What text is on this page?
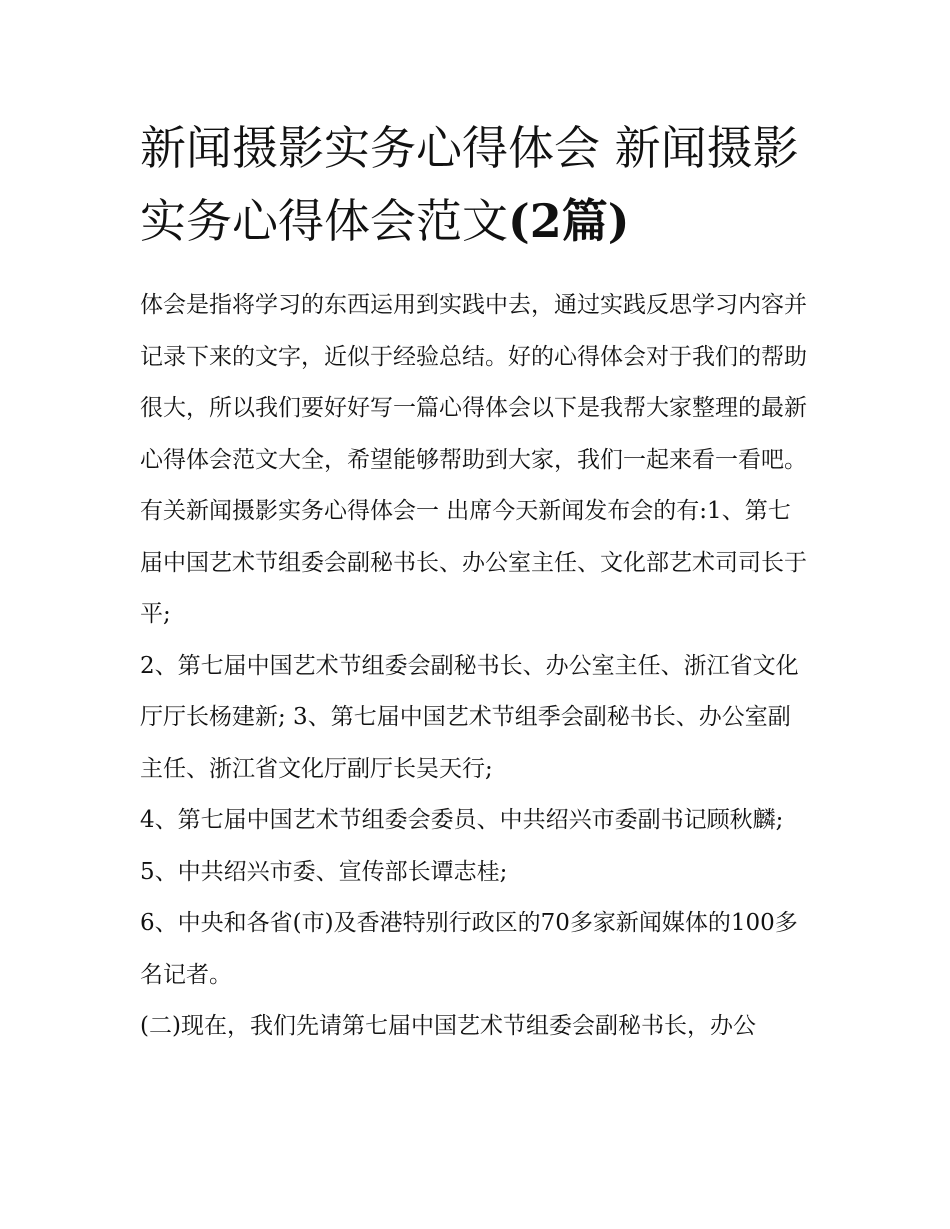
新闻摄影实务心得体会 新闻摄影实务心得体会范文(2篇)

体会是指将学习的东西运用到实践中去，通过实践反思学习内容并记录下来的文字，近似于经验总结。好的心得体会对于我们的帮助很大，所以我们要好好写一篇心得体会以下是我帮大家整理的最新心得体会范文大全，希望能够帮助到大家，我们一起来看一看吧。

有关新闻摄影实务心得体会一 出席今天新闻发布会的有:1、第七届中国艺术节组委会副秘书长、办公室主任、文化部艺术司司长于平;

2、第七届中国艺术节组委会副秘书长、办公室主任、浙江省文化厅厅长杨建新; 3、第七届中国艺术节组季会副秘书长、办公室副主任、浙江省文化厅副厅长吴天行;

4、第七届中国艺术节组委会委员、中共绍兴市委副书记顾秋麟; 5、中共绍兴市委、宣传部长谭志桂;

6、中央和各省(市)及香港特别行政区的70多家新闻媒体的100多名记者。

(二)现在，我们先请第七届中国艺术节组委会副秘书长，办公
